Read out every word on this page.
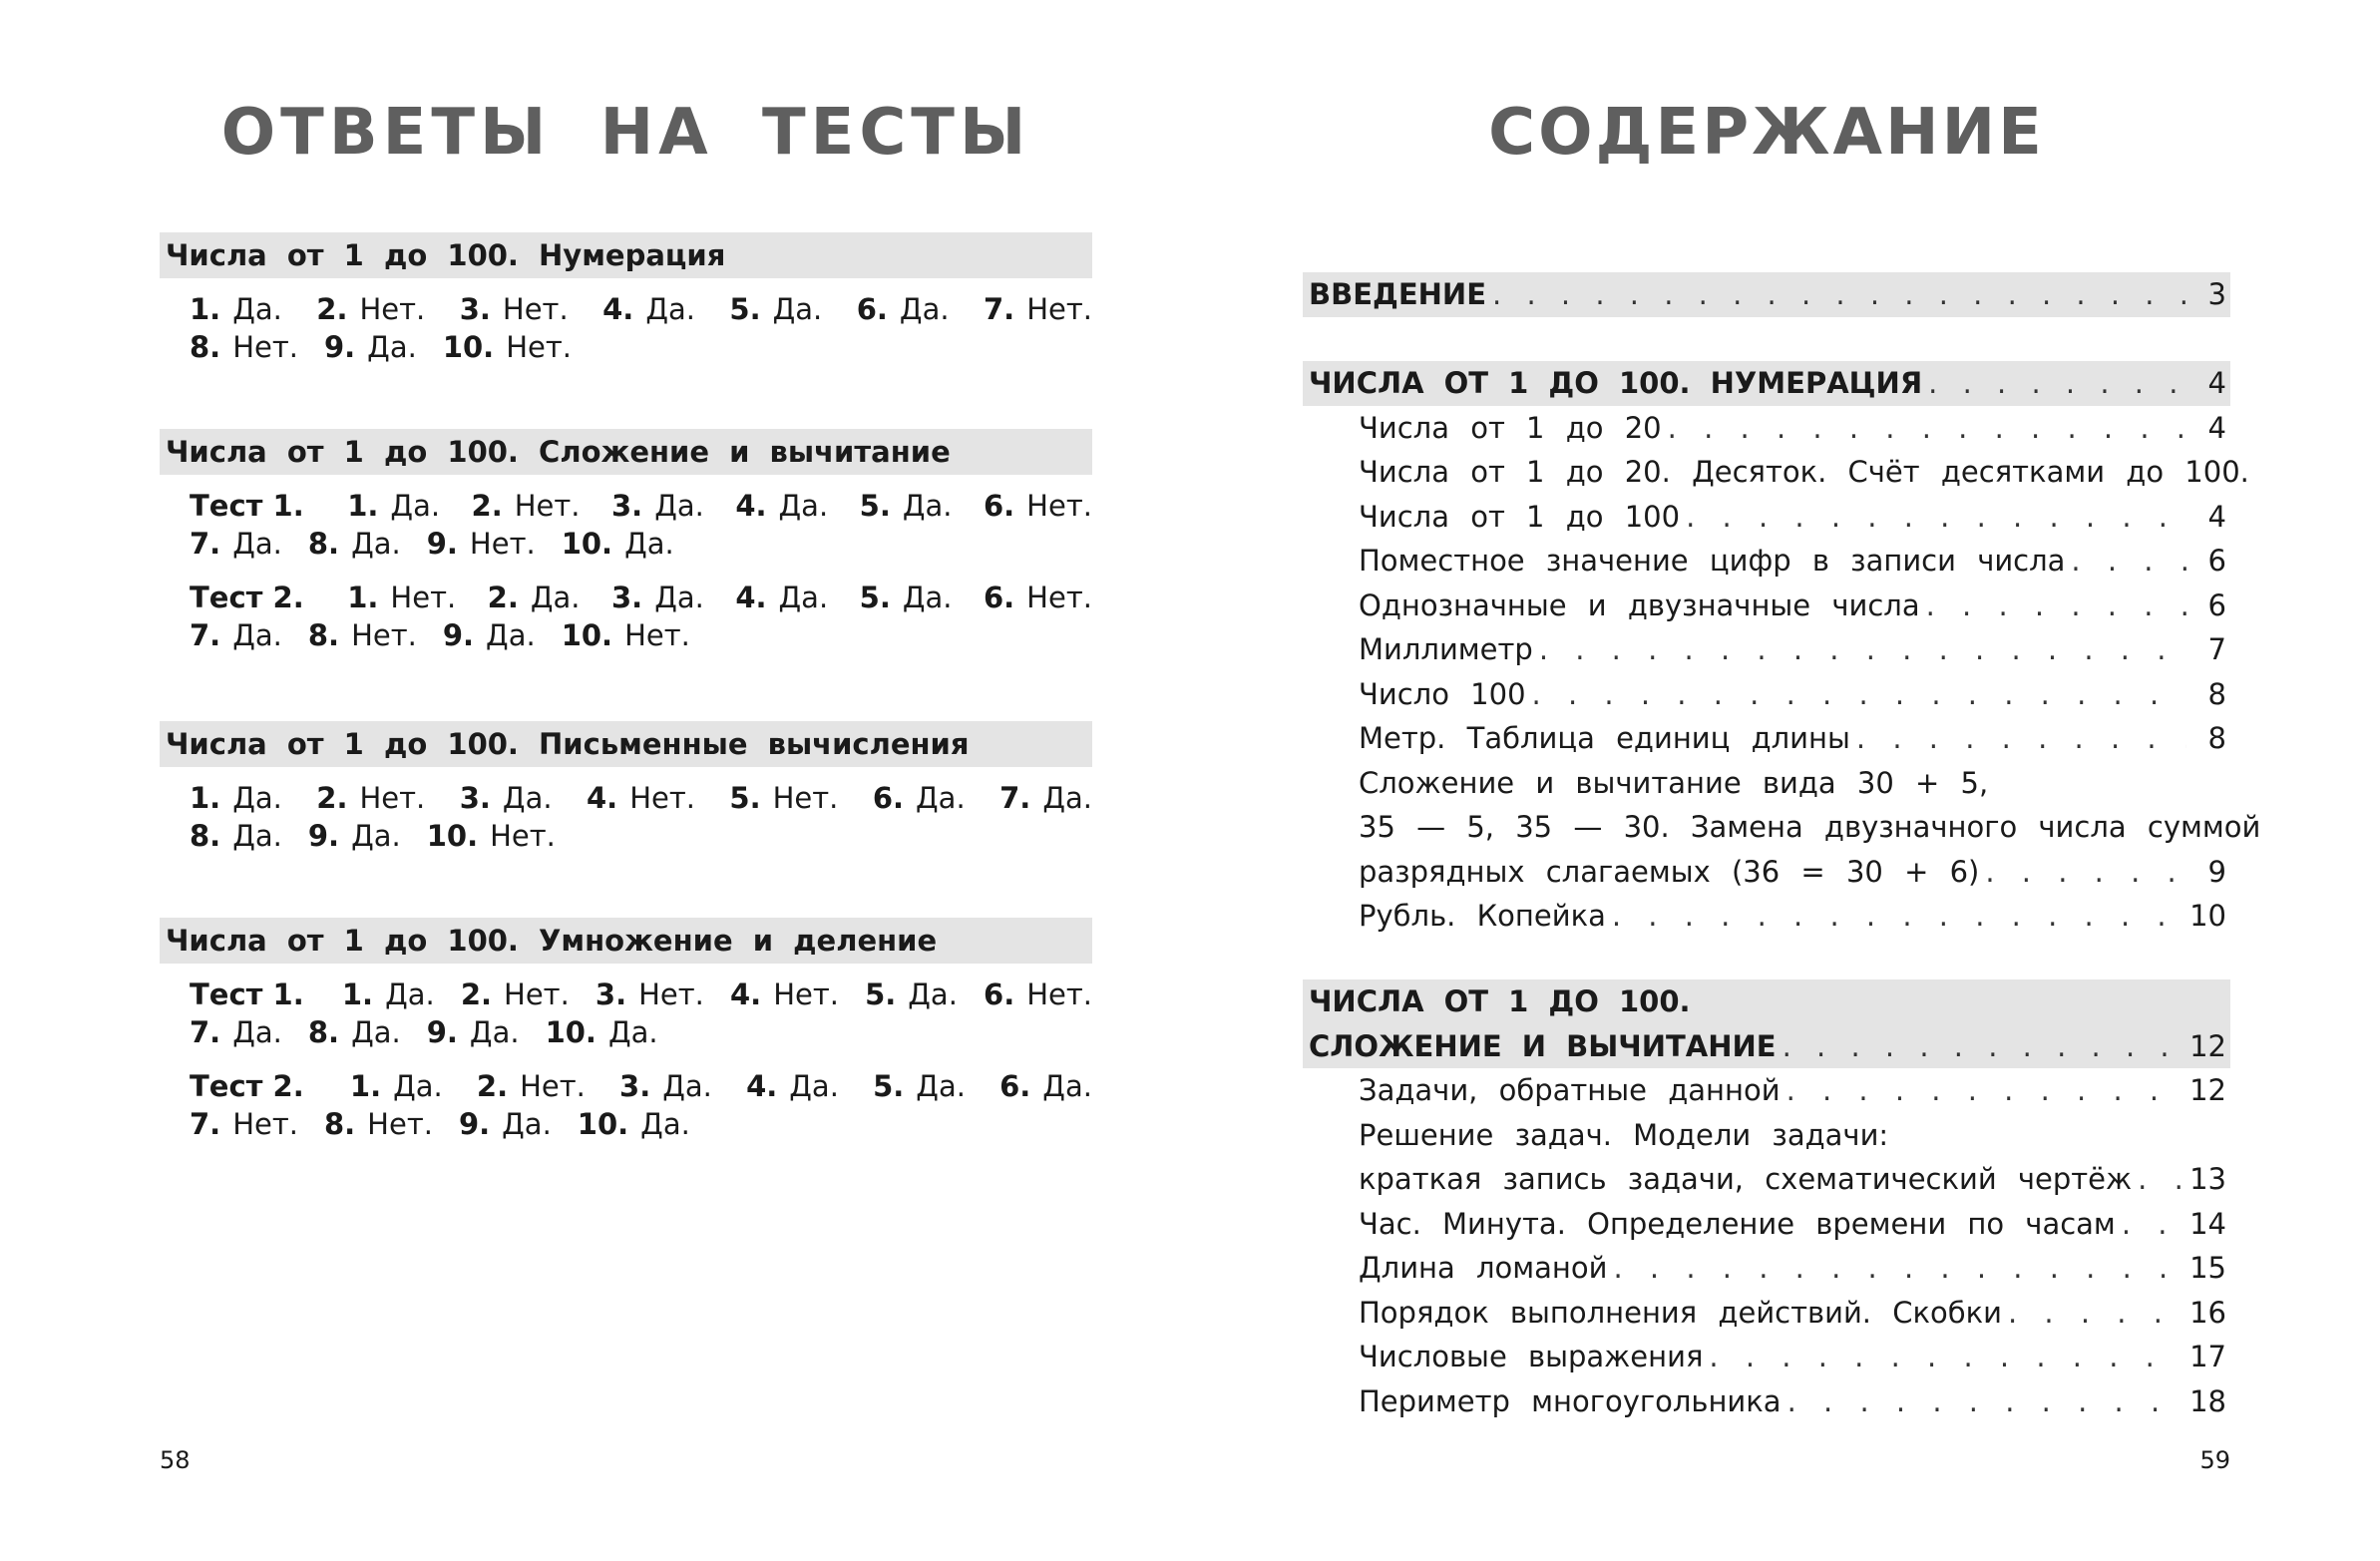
ОТВЕТЫ НА ТЕСТЫ
Числа от 1 до 100. Нумерация
1. Да. 2. Нет. 3. Нет. 4. Да. 5. Да. 6. Да. 7. Нет.
8. Нет. 9. Да. 10. Нет.
Числа от 1 до 100. Сложение и вычитание
Тест 1.	1. Да. 2. Нет. 3. Да. 4. Да. 5. Да. 6. Нет.
7. Да. 8. Да. 9. Нет. 10. Да.
Тест 2.	1. Нет. 2. Да. 3. Да. 4. Да. 5. Да. 6. Нет.
7. Да. 8. Нет. 9. Да. 10. Нет.
Числа от 1 до 100. Письменные вычисления
1. Да. 2. Нет. 3. Да. 4. Нет. 5. Нет. 6. Да. 7. Да.
8. Да. 9. Да. 10. Нет.
Числа от 1 до 100. Умножение и деление
Тест 1.	1. Да. 2. Нет. 3. Нет. 4. Нет. 5. Да. 6. Нет.
7. Да. 8. Да. 9. Да. 10. Да.
Тест 2.	1. Да. 2. Нет. 3. Да. 4. Да. 5. Да. 6. Да.
7. Нет. 8. Нет. 9. Да. 10. Да.
58
СОДЕРЖАНИЕ
ВВЕДЕНИЕ . . .	3
ЧИСЛА ОТ 1 ДО 100. НУМЕРАЦИЯ . . .	4
Числа от 1 до 20 . . .	4
Числа от 1 до 20. Десяток. Счёт десятками до 100.
Числа от 1 до 100 . . .	4
Поместное значение цифр в записи числа . . .	6
Однозначные и двузначные числа . . .	6
Миллиметр . . .	7
Число 100 . . .	8
Метр. Таблица единиц длины . . .	8
Сложение и вычитание вида 30 + 5,
35 — 5, 35 — 30. Замена двузначного числа суммой
разрядных слагаемых (36 = 30 + 6) . . .	9
Рубль. Копейка . . .	10
ЧИСЛА ОТ 1 ДО 100.
СЛОЖЕНИЕ И ВЫЧИТАНИЕ . . .	12
Задачи, обратные данной . . .	12
Решение задач. Модели задачи:
краткая запись задачи, схематический чертёж . . . 13
Час. Минута. Определение времени по часам . . .	14
Длина ломаной . . .	15
Порядок выполнения действий. Скобки . . .	16
Числовые выражения . . .	17
Периметр многоугольника . . .	18
59
